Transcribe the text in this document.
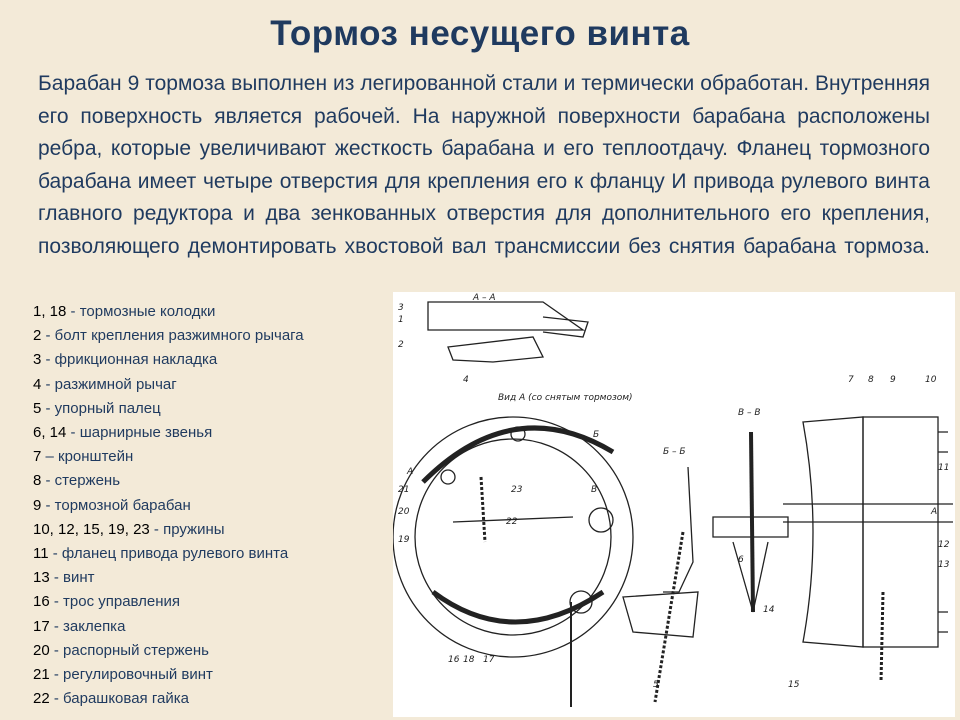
Тормоз несущего винта
Барабан 9 тормоза выполнен из легированной стали и термически обработан. Внутренняя его поверхность является рабочей. На наружной поверхности барабана расположены ребра, которые увеличивают жесткость барабана и его теплоотдачу. Фланец тормозного барабана имеет четыре отверстия для крепления его к фланцу И привода рулевого винта главного редуктора и два зенкованных отверстия для дополнительного его крепления, позволяющего демонтировать хвостовой вал трансмиссии без снятия барабана тормоза.
1, 18 - тормозные колодки
2 - болт крепления разжимного рычага
3 - фрикционная накладка
4 - разжимной рычаг
5 - упорный палец
6, 14 - шарнирные звенья
7 – кронштейн
8 - стержень
9 - тормозной барабан
10, 12, 15, 19, 23 - пружины
11 - фланец привода рулевого винта
13 - винт
16 - трос управления
17 - заклепка
20 - распорный стержень
21 - регулировочный винт
22 - барашковая гайка
А – А
Вид А (со снятым тормозом)
Б – Б
В – В
А
А
Б
В
1
2
3
4
5
6
7 8 9	10
11
12
13
14
15
16	17
18
19
20
21
22
23
